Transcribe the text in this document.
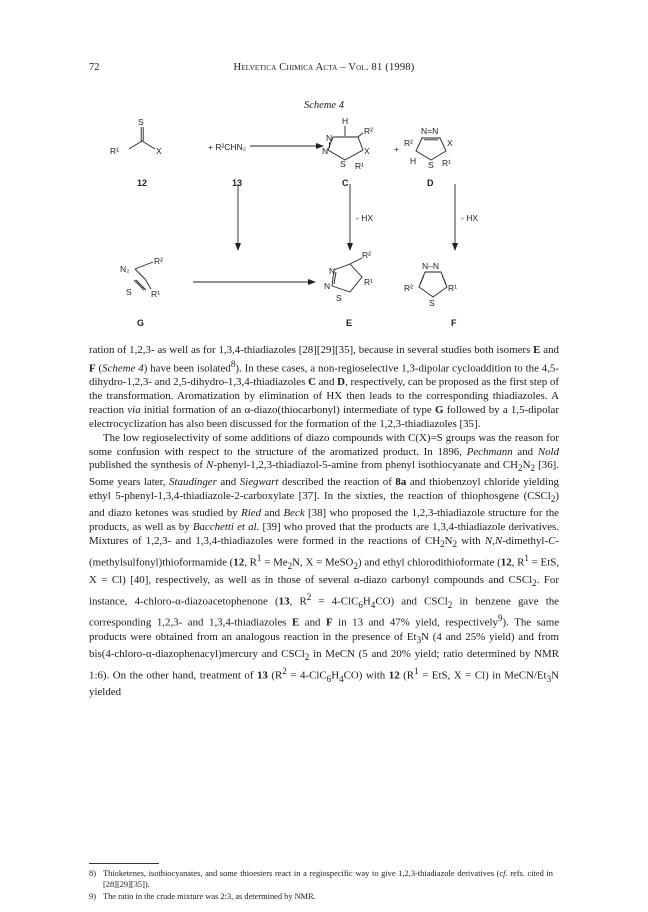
72	Helvetica Chimica Acta – Vol. 81 (1998)
Scheme 4
S
R¹	X	+ R²CHN₂
H
R²
N
N	X
S R¹
+
N=N
R²	X
H S R¹
12	13	C	D
- HX	- HX
N₂
R²
S R¹
R²
N
N
S
R¹
N–N
R²
S
R¹
G	E	F

ration of 1,2,3- as well as for 1,3,4-thiadiazoles [28][29][35], because in several studies both isomers E and F (Scheme 4) have been isolated$^8$). In these cases, a non-regioselective 1,3-dipolar cycloaddition to the 4,5-dihydro-1,2,3- and 2,5-dihydro-1,3,4-thiadiazoles C and D, respectively, can be proposed as the first step of the transformation. Aromatization by elimination of HX then leads to the corresponding thiadiazoles. A reaction via initial formation of an α-diazo(thiocarbonyl) intermediate of type G followed by a 1,5-dipolar electrocyclization has also been discussed for the formation of the 1,2,3-thiadiazoles [35].

The low regioselectivity of some additions of diazo compounds with C(X)=S groups was the reason for some confusion with respect to the structure of the aromatized product. In 1896, Pechmann and Nold published the synthesis of N-phenyl-1,2,3-thiadiazol-5-amine from phenyl isothiocyanate and $CH_2N_2$ [36]. Some years later, Staudinger and Siegwart described the reaction of 8a and thiobenzoyl chloride yielding ethyl 5-phenyl-1,3,4-thiadiazole-2-carboxylate [37]. In the sixties, the reaction of thiophosgene (CSCl$_2$) and diazo ketones was studied by Ried and Beck [38] who proposed the 1,2,3-thiadiazole structure for the products, as well as by Bacchetti et al. [39] who proved that the products are 1,3,4-thiadiazole derivatives. Mixtures of 1,2,3- and 1,3,4-thiadiazoles were formed in the reactions of $CH_2N_2$ with N,N-dimethyl-C-(methylsulfonyl)thioformamide (12, $R^1 = Me_2N$, X = MeSO$_2$) and ethyl chlorodithioformate (12, $R^1$ = EtS, X = Cl) [40], respectively, as well as in those of several α-diazo carbonyl compounds and CSCl$_2$. For instance, 4-chloro-α-diazoacetophenone (13, $R^2 = 4-ClC_6H_4CO$) and CSCl$_2$ in benzene gave the corresponding 1,2,3- and 1,3,4-thiadiazoles E and F in 13 and 47% yield, respectively$^9$). The same products were obtained from an analogous reaction in the presence of $Et_3N$ (4 and 25% yield) and from bis(4-chloro-α-diazophenacyl)mercury and CSCl$_2$ in MeCN (5 and 20% yield; ratio determined by NMR 1:6). On the other hand, treatment of 13 $(R^2 = 4-ClC_6H_4CO)$ with 12 ($R^1$ = EtS, X = Cl) in MeCN/$Et_3N$ yielded

8) Thioketenes, isothiocyanates, and some thioesters react in a regiospecific way to give 1,2,3-thiadiazole derivatives (cf. refs. cited in [28][29][35]).
9) The ratio in the crude mixture was 2:3, as determined by NMR.
